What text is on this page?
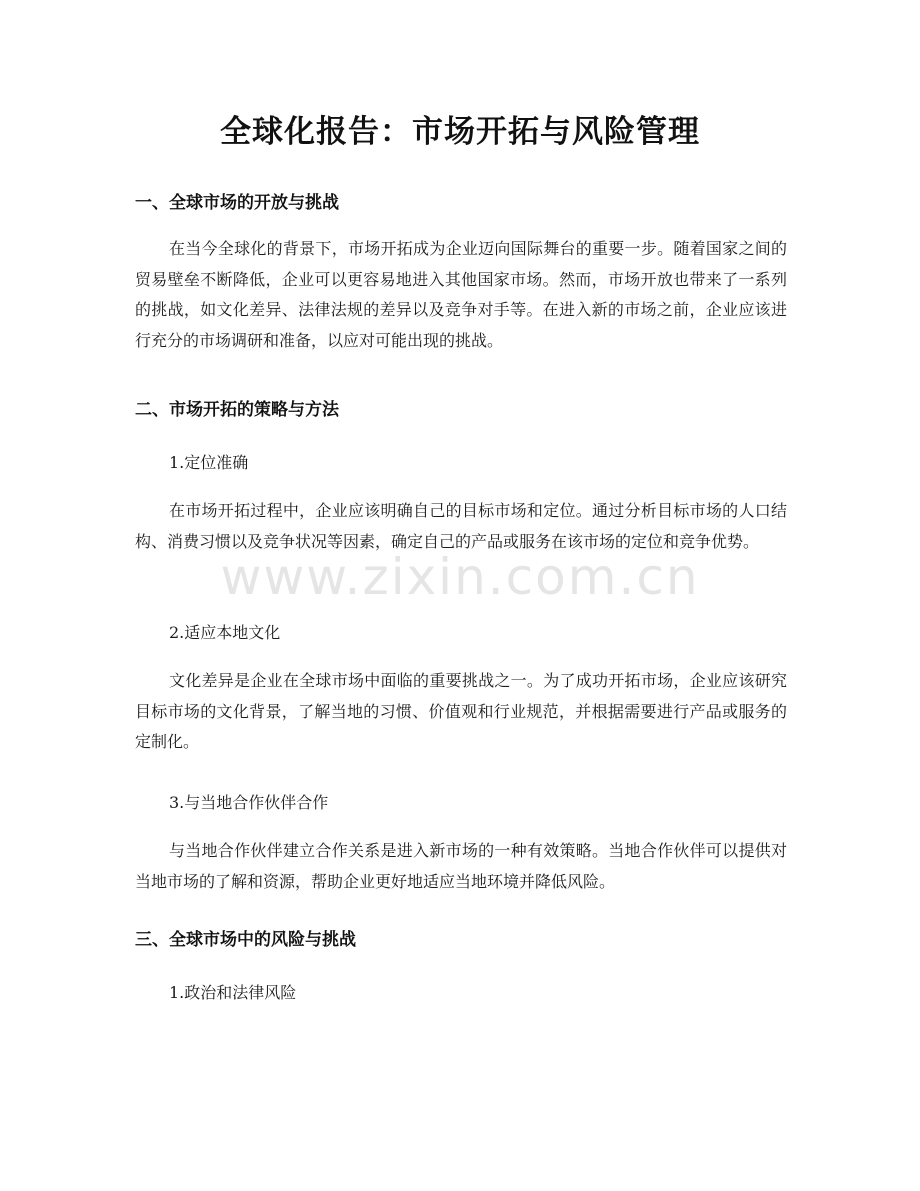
全球化报告：市场开拓与风险管理
一、全球市场的开放与挑战
在当今全球化的背景下，市场开拓成为企业迈向国际舞台的重要一步。随着国家之间的贸易壁垒不断降低，企业可以更容易地进入其他国家市场。然而，市场开放也带来了一系列的挑战，如文化差异、法律法规的差异以及竞争对手等。在进入新的市场之前，企业应该进行充分的市场调研和准备，以应对可能出现的挑战。
二、市场开拓的策略与方法
1.定位准确
在市场开拓过程中，企业应该明确自己的目标市场和定位。通过分析目标市场的人口结构、消费习惯以及竞争状况等因素，确定自己的产品或服务在该市场的定位和竞争优势。
2.适应本地文化
文化差异是企业在全球市场中面临的重要挑战之一。为了成功开拓市场，企业应该研究目标市场的文化背景，了解当地的习惯、价值观和行业规范，并根据需要进行产品或服务的定制化。
3.与当地合作伙伴合作
与当地合作伙伴建立合作关系是进入新市场的一种有效策略。当地合作伙伴可以提供对当地市场的了解和资源，帮助企业更好地适应当地环境并降低风险。
三、全球市场中的风险与挑战
1.政治和法律风险
www.zixin.com.cn
